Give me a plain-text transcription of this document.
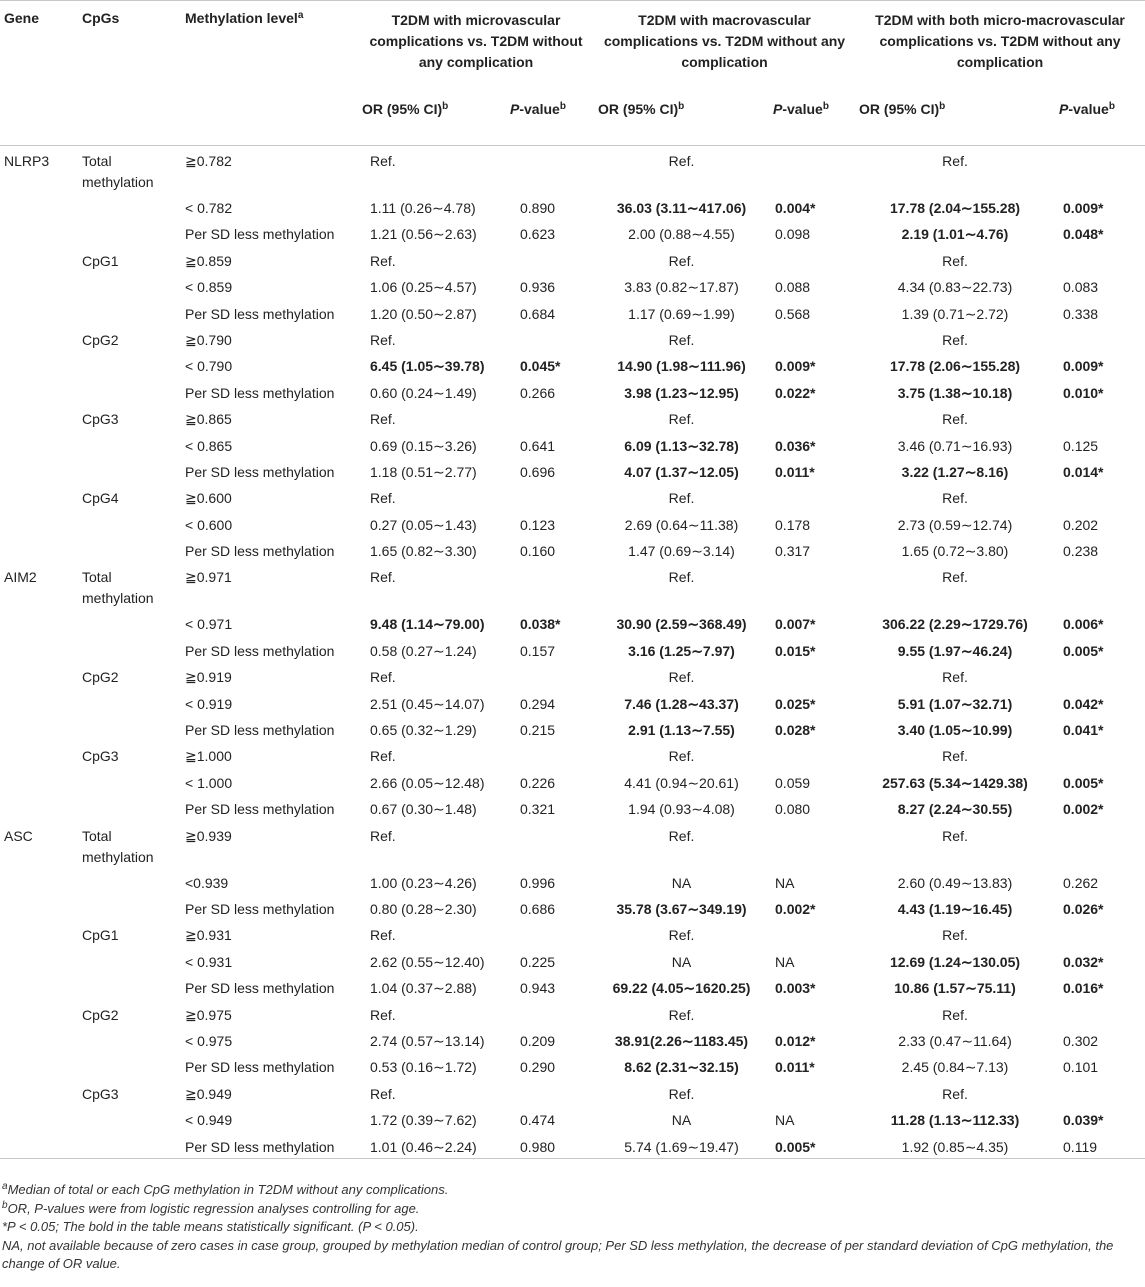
Gene	CpGs	Methylation level$^a$	T2DM with microvascular complications vs. T2DM without any complication		T2DM with macrovascular complications vs. T2DM without any complication		T2DM with both micro-macrovascular complications vs. T2DM without any complication	
			OR (95% CI)$^b$	P-value$^b$	OR (95% CI)$^b$	P-value$^b$	OR (95% CI)$^b$	P-value$^b$
NLRP3	Total methylation	≧0.782	Ref.		Ref.		Ref.	
		< 0.782	1.11 (0.26∼4.78)	0.890	36.03 (3.11∼417.06)	0.004*	17.78 (2.04∼155.28)	0.009*
		Per SD less methylation	1.21 (0.56∼2.63)	0.623	2.00 (0.88∼4.55)	0.098	2.19 (1.01∼4.76)	0.048*
	CpG1	≧0.859	Ref.		Ref.		Ref.	
		< 0.859	1.06 (0.25∼4.57)	0.936	3.83 (0.82∼17.87)	0.088	4.34 (0.83∼22.73)	0.083
		Per SD less methylation	1.20 (0.50∼2.87)	0.684	1.17 (0.69∼1.99)	0.568	1.39 (0.71∼2.72)	0.338
	CpG2	≧0.790	Ref.		Ref.		Ref.	
		< 0.790	6.45 (1.05∼39.78)	0.045*	14.90 (1.98∼111.96)	0.009*	17.78 (2.06∼155.28)	0.009*
		Per SD less methylation	0.60 (0.24∼1.49)	0.266	3.98 (1.23∼12.95)	0.022*	3.75 (1.38∼10.18)	0.010*
	CpG3	≧0.865	Ref.		Ref.		Ref.	
		< 0.865	0.69 (0.15∼3.26)	0.641	6.09 (1.13∼32.78)	0.036*	3.46 (0.71∼16.93)	0.125
		Per SD less methylation	1.18 (0.51∼2.77)	0.696	4.07 (1.37∼12.05)	0.011*	3.22 (1.27∼8.16)	0.014*
	CpG4	≧0.600	Ref.		Ref.		Ref.	
		< 0.600	0.27 (0.05∼1.43)	0.123	2.69 (0.64∼11.38)	0.178	2.73 (0.59∼12.74)	0.202
		Per SD less methylation	1.65 (0.82∼3.30)	0.160	1.47 (0.69∼3.14)	0.317	1.65 (0.72∼3.80)	0.238
AIM2	Total methylation	≧0.971	Ref.		Ref.		Ref.	
		< 0.971	9.48 (1.14∼79.00)	0.038*	30.90 (2.59∼368.49)	0.007*	306.22 (2.29∼1729.76)	0.006*
		Per SD less methylation	0.58 (0.27∼1.24)	0.157	3.16 (1.25∼7.97)	0.015*	9.55 (1.97∼46.24)	0.005*
	CpG2	≧0.919	Ref.		Ref.		Ref.	
		< 0.919	2.51 (0.45∼14.07)	0.294	7.46 (1.28∼43.37)	0.025*	5.91 (1.07∼32.71)	0.042*
		Per SD less methylation	0.65 (0.32∼1.29)	0.215	2.91 (1.13∼7.55)	0.028*	3.40 (1.05∼10.99)	0.041*
	CpG3	≧1.000	Ref.		Ref.		Ref.	
		< 1.000	2.66 (0.05∼12.48)	0.226	4.41 (0.94∼20.61)	0.059	257.63 (5.34∼1429.38)	0.005*
		Per SD less methylation	0.67 (0.30∼1.48)	0.321	1.94 (0.93∼4.08)	0.080	8.27 (2.24∼30.55)	0.002*
ASC	Total methylation	≧0.939	Ref.		Ref.		Ref.	
		<0.939	1.00 (0.23∼4.26)	0.996	NA	NA	2.60 (0.49∼13.83)	0.262
		Per SD less methylation	0.80 (0.28∼2.30)	0.686	35.78 (3.67∼349.19)	0.002*	4.43 (1.19∼16.45)	0.026*
	CpG1	≧0.931	Ref.		Ref.		Ref.	
		< 0.931	2.62 (0.55∼12.40)	0.225	NA	NA	12.69 (1.24∼130.05)	0.032*
		Per SD less methylation	1.04 (0.37∼2.88)	0.943	69.22 (4.05∼1620.25)	0.003*	10.86 (1.57∼75.11)	0.016*
	CpG2	≧0.975	Ref.		Ref.		Ref.	
		< 0.975	2.74 (0.57∼13.14)	0.209	38.91(2.26∼1183.45)	0.012*	2.33 (0.47∼11.64)	0.302
		Per SD less methylation	0.53 (0.16∼1.72)	0.290	8.62 (2.31∼32.15)	0.011*	2.45 (0.84∼7.13)	0.101
	CpG3	≧0.949	Ref.		Ref.		Ref.	
		< 0.949	1.72 (0.39∼7.62)	0.474	NA	NA	11.28 (1.13∼112.33)	0.039*
		Per SD less methylation	1.01 (0.46∼2.24)	0.980	5.74 (1.69∼19.47)	0.005*	1.92 (0.85∼4.35)	0.119
$^a$Median of total or each CpG methylation in T2DM without any complications.
$^b$OR, P-values were from logistic regression analyses controlling for age.
*P < 0.05; The bold in the table means statistically significant. (P < 0.05).
NA, not available because of zero cases in case group, grouped by methylation median of control group; Per SD less methylation, the decrease of per standard deviation of CpG methylation, the change of OR value.
